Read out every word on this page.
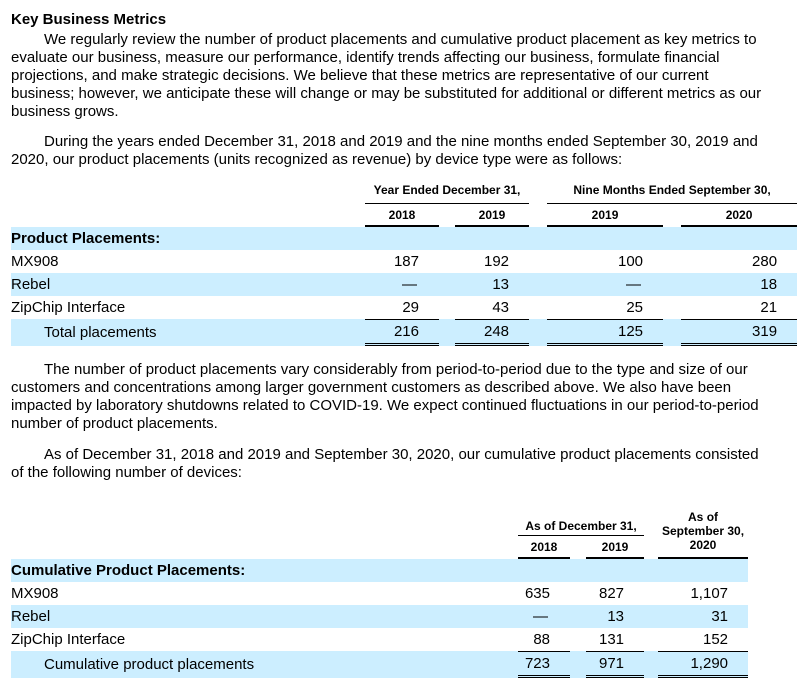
Key Business Metrics

We regularly review the number of product placements and cumulative product placement as key metrics to evaluate our business, measure our performance, identify trends affecting our business, formulate financial projections, and make strategic decisions. We believe that these metrics are representative of our current business; however, we anticipate these will change or may be substituted for additional or different metrics as our business grows.

During the years ended December 31, 2018 and 2019 and the nine months ended September 30, 2019 and 2020, our product placements (units recognized as revenue) by device type were as follows:

		Year Ended December 31,				Nine Months Ended September 30,		
		2018		2019		2019		2020
Product Placements:								
MX908		187		192		100		280
Rebel		—		13		—		18
ZipChip Interface		29		43		25		21
Total placements		216		248		125		319

The number of product placements vary considerably from period-to-period due to the type and size of our customers and concentrations among larger government customers as described above. We also have been impacted by laboratory shutdowns related to COVID-19. We expect continued fluctuations in our period-to-period number of product placements.

As of December 31, 2018 and 2019 and September 30, 2020, our cumulative product placements consisted of the following number of devices:

		As of December 31,				As of
September 30,
2020
		2018		2019		
Cumulative Product Placements:						
MX908		635		827		1,107
Rebel		—		13		31
ZipChip Interface		88		131		152
Cumulative product placements		723		971		1,290
